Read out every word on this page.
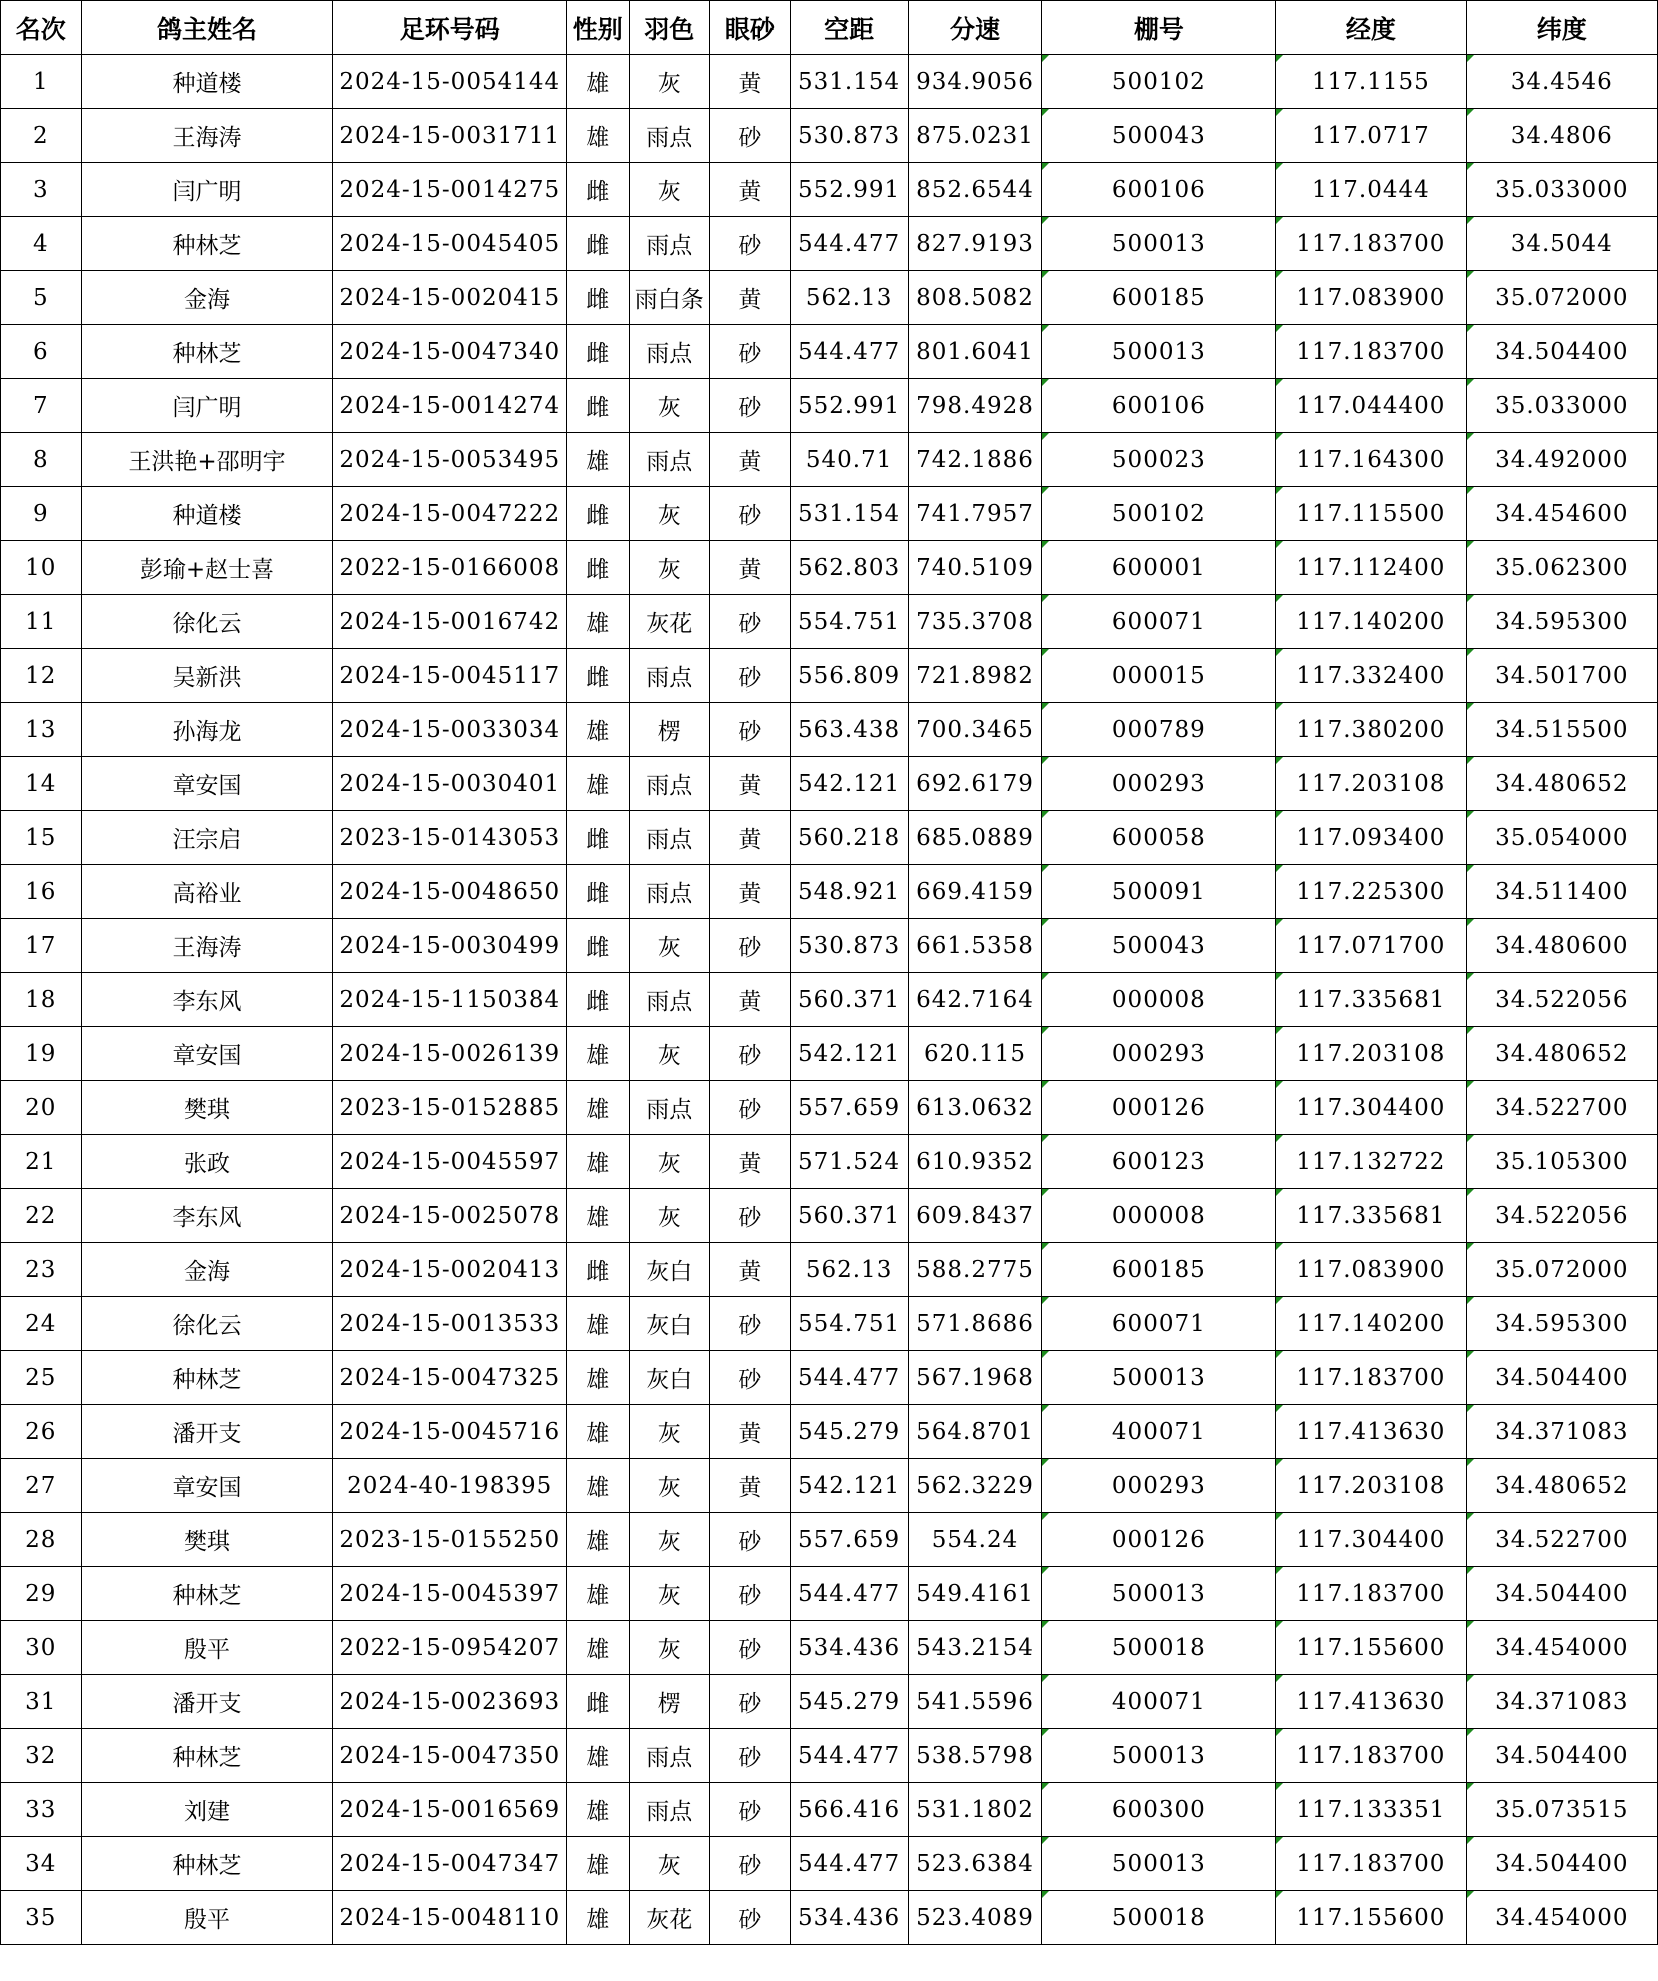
名次	鸽主姓名	足环号码	性别	羽色	眼砂	空距	分速	棚号	经度	纬度
1	种道楼	2024-15-0054144	雄	灰	黄	531.154	934.9056	500102	117.1155	34.4546
2	王海涛	2024-15-0031711	雄	雨点	砂	530.873	875.0231	500043	117.0717	34.4806
3	闫广明	2024-15-0014275	雌	灰	黄	552.991	852.6544	600106	117.0444	35.033000
4	种林芝	2024-15-0045405	雌	雨点	砂	544.477	827.9193	500013	117.183700	34.5044
5	金海	2024-15-0020415	雌	雨白条	黄	562.13	808.5082	600185	117.083900	35.072000
6	种林芝	2024-15-0047340	雌	雨点	砂	544.477	801.6041	500013	117.183700	34.504400
7	闫广明	2024-15-0014274	雌	灰	砂	552.991	798.4928	600106	117.044400	35.033000
8	王洪艳+邵明宇	2024-15-0053495	雄	雨点	黄	540.71	742.1886	500023	117.164300	34.492000
9	种道楼	2024-15-0047222	雌	灰	砂	531.154	741.7957	500102	117.115500	34.454600
10	彭瑜+赵士喜	2022-15-0166008	雌	灰	黄	562.803	740.5109	600001	117.112400	35.062300
11	徐化云	2024-15-0016742	雄	灰花	砂	554.751	735.3708	600071	117.140200	34.595300
12	吴新洪	2024-15-0045117	雌	雨点	砂	556.809	721.8982	000015	117.332400	34.501700
13	孙海龙	2024-15-0033034	雄	楞	砂	563.438	700.3465	000789	117.380200	34.515500
14	章安国	2024-15-0030401	雄	雨点	黄	542.121	692.6179	000293	117.203108	34.480652
15	汪宗启	2023-15-0143053	雌	雨点	黄	560.218	685.0889	600058	117.093400	35.054000
16	高裕业	2024-15-0048650	雌	雨点	黄	548.921	669.4159	500091	117.225300	34.511400
17	王海涛	2024-15-0030499	雌	灰	砂	530.873	661.5358	500043	117.071700	34.480600
18	李东风	2024-15-1150384	雌	雨点	黄	560.371	642.7164	000008	117.335681	34.522056
19	章安国	2024-15-0026139	雄	灰	砂	542.121	620.115	000293	117.203108	34.480652
20	樊琪	2023-15-0152885	雄	雨点	砂	557.659	613.0632	000126	117.304400	34.522700
21	张政	2024-15-0045597	雄	灰	黄	571.524	610.9352	600123	117.132722	35.105300
22	李东风	2024-15-0025078	雄	灰	砂	560.371	609.8437	000008	117.335681	34.522056
23	金海	2024-15-0020413	雌	灰白	黄	562.13	588.2775	600185	117.083900	35.072000
24	徐化云	2024-15-0013533	雄	灰白	砂	554.751	571.8686	600071	117.140200	34.595300
25	种林芝	2024-15-0047325	雄	灰白	砂	544.477	567.1968	500013	117.183700	34.504400
26	潘开支	2024-15-0045716	雄	灰	黄	545.279	564.8701	400071	117.413630	34.371083
27	章安国	2024-40-198395	雄	灰	黄	542.121	562.3229	000293	117.203108	34.480652
28	樊琪	2023-15-0155250	雄	灰	砂	557.659	554.24	000126	117.304400	34.522700
29	种林芝	2024-15-0045397	雄	灰	砂	544.477	549.4161	500013	117.183700	34.504400
30	殷平	2022-15-0954207	雄	灰	砂	534.436	543.2154	500018	117.155600	34.454000
31	潘开支	2024-15-0023693	雌	楞	砂	545.279	541.5596	400071	117.413630	34.371083
32	种林芝	2024-15-0047350	雄	雨点	砂	544.477	538.5798	500013	117.183700	34.504400
33	刘建	2024-15-0016569	雄	雨点	砂	566.416	531.1802	600300	117.133351	35.073515
34	种林芝	2024-15-0047347	雄	灰	砂	544.477	523.6384	500013	117.183700	34.504400
35	殷平	2024-15-0048110	雄	灰花	砂	534.436	523.4089	500018	117.155600	34.454000
